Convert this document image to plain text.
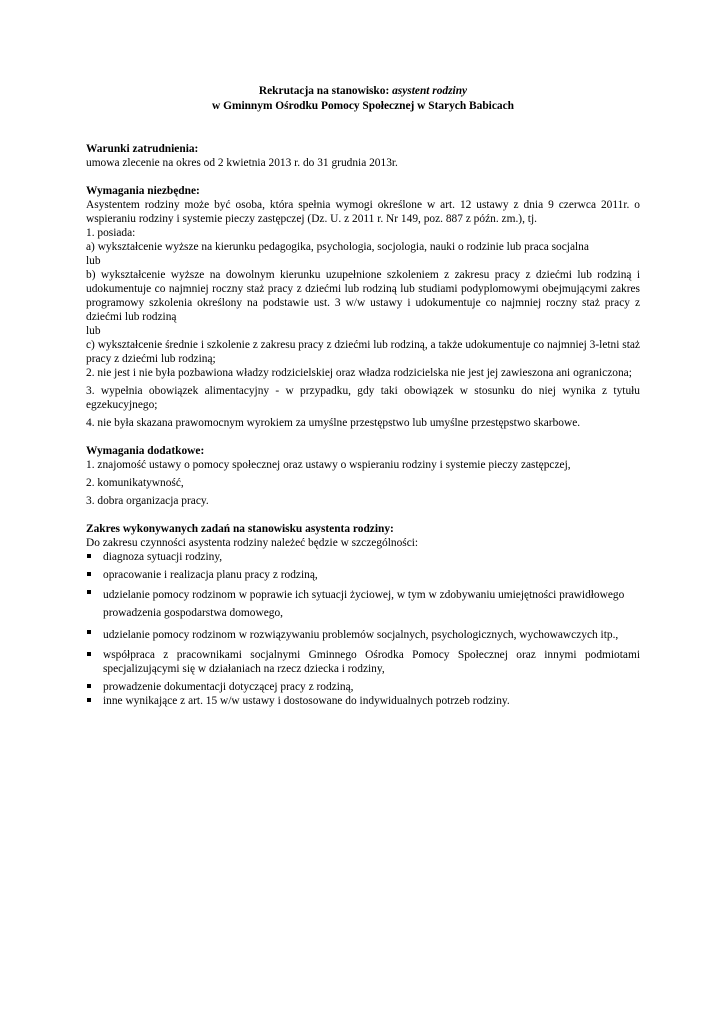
Rekrutacja na stanowisko: asystent rodziny
w Gminnym Ośrodku Pomocy Społecznej w Starych Babicach
Warunki zatrudnienia:

umowa zlecenie na okres od 2 kwietnia 2013 r. do 31 grudnia 2013r.

Wymagania niezbędne:

Asystentem rodziny może być osoba, która spełnia wymogi określone w art. 12 ustawy z dnia 9 czerwca 2011r. o wspieraniu rodziny i systemie pieczy zastępczej (Dz. U. z 2011 r. Nr 149, poz. 887 z późn. zm.), tj.

1. posiada:

a) wykształcenie wyższe na kierunku pedagogika, psychologia, socjologia, nauki o rodzinie lub praca socjalna

lub

b) wykształcenie wyższe na dowolnym kierunku uzupełnione szkoleniem z zakresu pracy z dziećmi lub rodziną i udokumentuje co najmniej roczny staż pracy z dziećmi lub rodziną lub studiami podyplomowymi obejmującymi zakres programowy szkolenia określony na podstawie ust. 3 w/w ustawy i udokumentuje co najmniej roczny staż pracy z dziećmi lub rodziną

lub

c) wykształcenie średnie i szkolenie z zakresu pracy z dziećmi lub rodziną, a także udokumentuje co najmniej 3-letni staż pracy z dziećmi lub rodziną;

2. nie jest i nie była pozbawiona władzy rodzicielskiej oraz władza rodzicielska nie jest jej zawieszona ani ograniczona;

3. wypełnia obowiązek alimentacyjny - w przypadku, gdy taki obowiązek w stosunku do niej wynika z tytułu egzekucyjnego;

4. nie była skazana prawomocnym wyrokiem za umyślne przestępstwo lub umyślne przestępstwo skarbowe.

Wymagania dodatkowe:

1. znajomość ustawy o pomocy społecznej oraz ustawy o wspieraniu rodziny i systemie pieczy zastępczej,

2. komunikatywność,

3. dobra organizacja pracy.

Zakres wykonywanych zadań na stanowisku asystenta rodziny:

Do zakresu czynności asystenta rodziny należeć będzie w szczególności:

diagnoza sytuacji rodziny,
opracowanie i realizacja planu pracy z rodziną,
udzielanie pomocy rodzinom w poprawie ich sytuacji życiowej, w tym w zdobywaniu umiejętności prawidłowego prowadzenia gospodarstwa domowego,
udzielanie pomocy rodzinom w rozwiązywaniu problemów socjalnych, psychologicznych, wychowawczych itp.,
współpraca z pracownikami socjalnymi Gminnego Ośrodka Pomocy Społecznej oraz innymi podmiotami specjalizującymi się w działaniach na rzecz dziecka i rodziny,
prowadzenie dokumentacji dotyczącej pracy z rodziną,
inne wynikające z art. 15 w/w ustawy i dostosowane do indywidualnych potrzeb rodziny.
